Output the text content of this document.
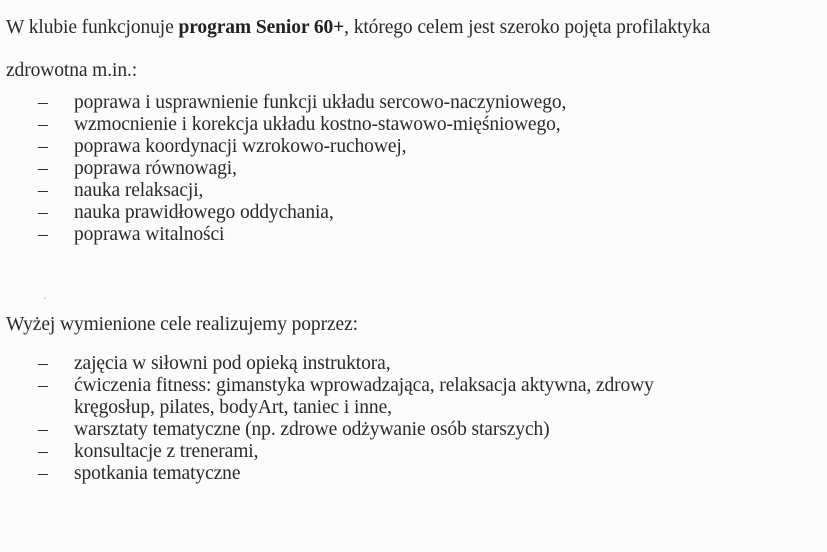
W klubie funkcjonuje program Senior 60+, którego celem jest szeroko pojęta profilaktyka
zdrowotna m.in.:
– poprawa i usprawnienie funkcji układu sercowo-naczyniowego,
– wzmocnienie i korekcja układu kostno-stawowo-mięśniowego,
– poprawa koordynacji wzrokowo-ruchowej,
– poprawa równowagi,
– nauka relaksacji,
– nauka prawidłowego oddychania,
– poprawa witalności
Wyżej wymienione cele realizujemy poprzez:
– zajęcia w siłowni pod opieką instruktora,
– ćwiczenia fitness: gimanstyka wprowadzająca, relaksacja aktywna, zdrowy
kręgosłup, pilates, bodyArt, taniec i inne,
– warsztaty tematyczne (np. zdrowe odżywanie osób starszych)
– konsultacje z trenerami,
– spotkania tematyczne
